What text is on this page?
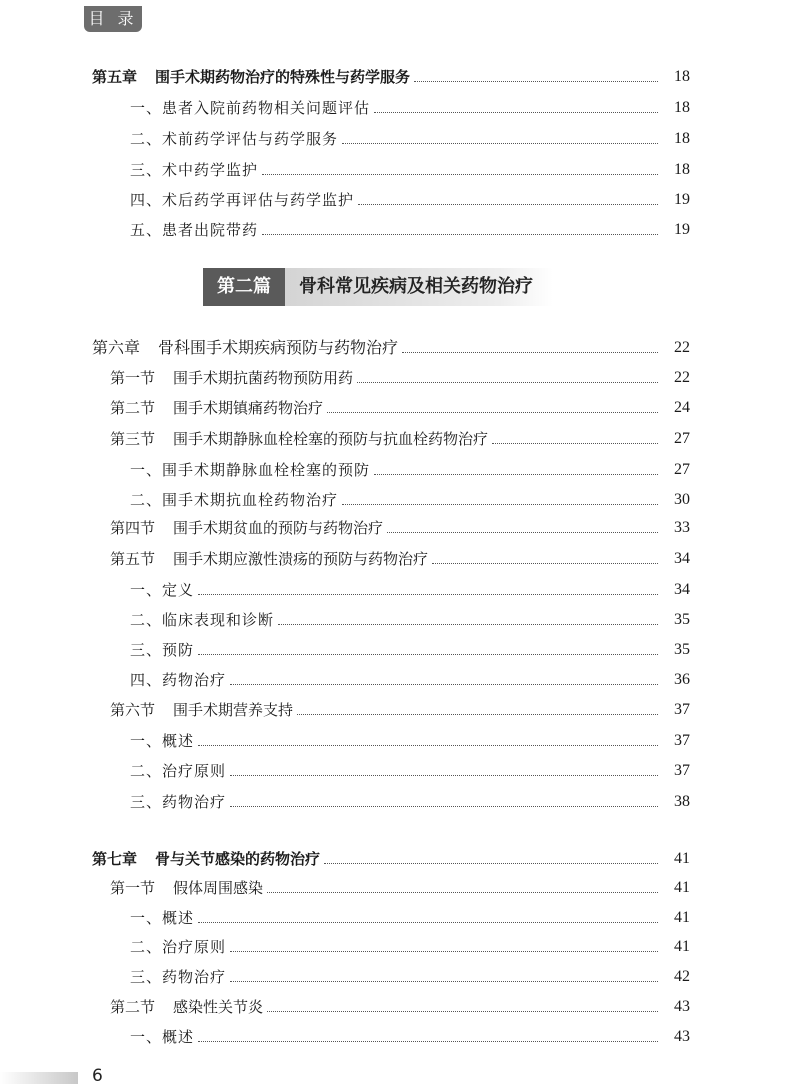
目 录
第五章 围手术期药物治疗的特殊性与药学服务	18
一、患者入院前药物相关问题评估	18
二、术前药学评估与药学服务	18
三、术中药学监护	18
四、术后药学再评估与药学监护	19
五、患者出院带药	19
第六章 骨科围手术期疾病预防与药物治疗	22
第一节 围手术期抗菌药物预防用药	22
第二节 围手术期镇痛药物治疗	24
第三节 围手术期静脉血栓栓塞的预防与抗血栓药物治疗	27
一、围手术期静脉血栓栓塞的预防	27
二、围手术期抗血栓药物治疗	30
第四节 围手术期贫血的预防与药物治疗	33
第五节 围手术期应激性溃疡的预防与药物治疗	34
一、定义	34
二、临床表现和诊断	35
三、预防	35
四、药物治疗	36
第六节 围手术期营养支持	37
一、概述	37
二、治疗原则	37
三、药物治疗	38
第七章 骨与关节感染的药物治疗	41
第一节 假体周围感染	41
一、概述	41
二、治疗原则	41
三、药物治疗	42
第二节 感染性关节炎	43
一、概述	43
第二篇	骨科常见疾病及相关药物治疗
6
